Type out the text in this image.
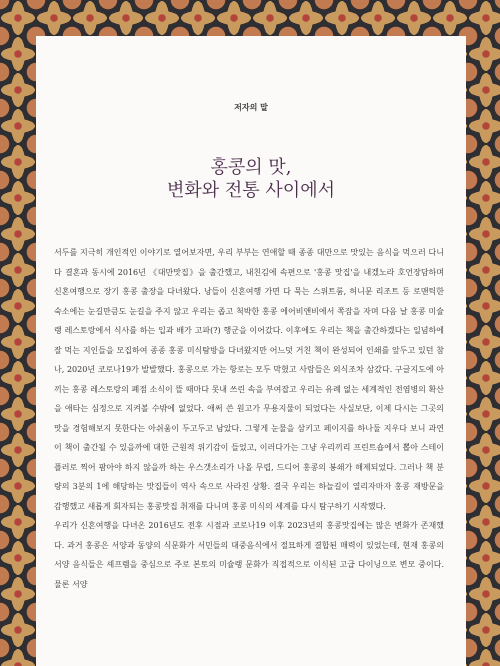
저자의 말
홍콩의 맛,
변화와 전통 사이에서

서두를 지극히 개인적인 이야기로 열어보자면, 우리 부부는 연애할 때 종종 대만으로 맛있는 음식을 먹으러 다니다 결혼과 동시에 2016년 《대만맛집》을 출간했고, 내친김에 속편으로 '홍콩 맛집'을 내겠노라 호언장담하며 신혼여행으로 장기 홍콩 출장을 다녀왔다. 낭들이 신혼여행 가면 다 묵는 스위트룸, 허니문 리조트 등 로맨틱한 숙소에는 눈길만큼도 눈길을 주지 않고 우리는 좁고 척박한 홍콩 에어비앤비에서 쪽잠을 자며 다음 날 홍콩 미슐랭 레스토랑에서 식사를 하는 입과 배가 고파(?) 행군을 이어갔다. 이후에도 우리는 책을 출간하겠다는 일념하에 잘 먹는 지인들을 모집하여 종종 홍콩 미식탐방을 다녀왔지만 어느덧 거친 책이 완성되어 인쇄를 앞두고 있던 참나, 2020년 코로나19가 발발했다. 홍콩으로 가는 항로는 모두 막혔고 사람들은 외식조차 삼갔다. 구글지도에 아끼는 홍콩 레스토랑의 폐점 소식이 뜰 때마다 못내 쓰린 속을 부여잡고 우리는 유례 없는 세계적인 전염병의 확산을 애타는 심정으로 지켜볼 수밖에 없었다. 애써 쓴 원고가 무용지물이 되었다는 사실보단, 이제 다시는 그곳의 맛을 경험해보지 못한다는 아쉬움이 두고두고 남았다. 그렇게 눈물을 삼키고 페이지를 하나둘 지우다 보니 과연 이 책이 출간될 수 있을까에 대한 근원적 위기감이 들었고, 이러다가는 그냥 우리끼리 프린트숍에서 뽑아 스테이플러로 찍어 팜아야 하지 않을까 하는 우스갯소리가 나올 무렵, 드디어 홍콩의 봉쇄가 해제되었다. 그러나 책 분량의 3분의 1에 해당하는 맛집들이 역사 속으로 사라진 상황. 결국 우리는 하늘길이 열리자마자 홍콩 재방문을 감행했고 새롭게 회자되는 홍콩맛집 취재를 다니며 홍콩 미식의 세계를 다시 탐구하기 시작했다.

우리가 신혼여행을 다녀온 2016년도 전후 시점과 코로나19 이후 2023년의 홍콩맛집에는 많은 변화가 존재했다. 과거 홍콩은 서양과 동양의 식문화가 서민들의 대중음식에서 절묘하게 결합된 매력이 있었는데, 현재 홍콩의 서양 음식들은 셰프렘을 중심으로 주로 본토의 미슐랭 문화가 직접적으로 이식된 고급 다이닝으로 변모 중이다. 물론 서양
